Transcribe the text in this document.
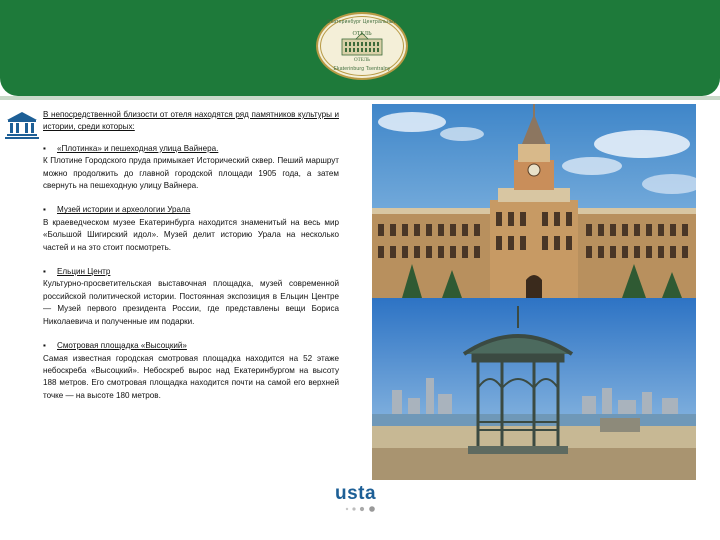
Екатеринбург Центральный
ОТЕЛЬ
ОТЕЛЬ
Ekaterinburg Tsentralny

В непосредственной близости от отеля находятся ряд памятников культуры и истории, среди которых:

▪ «Плотинка» и пешеходная улица Вайнера.

К Плотине Городского пруда примыкает Исторический сквер. Пеший маршрут можно продолжить до главной городской площади 1905 года, а затем свернуть на пешеходную улицу Вайнера.

▪ Музей истории и археологии Урала

В краеведческом музее Екатеринбурга находится знаменитый на весь мир «Большой Шигирский идол». Музей делит историю Урала на несколько частей и на это стоит посмотреть.

▪ Ельцин Центр

Культурно-просветительская выставочная площадка, музей современной российской политической истории. Постоянная экспозиция в Ельцин Центре — Музей первого президента России, где представлены вещи Бориса Николаевича и полученные им подарки.

▪ Смотровая площадка «Высоцкий»

Самая известная городская смотровая площадка находится на 52 этаже небоскреба «Высоцкий». Небоскреб вырос над Екатеринбургом на высоту 188 метров. Его смотровая площадка находится почти на самой его верхней точке — на высоте 180 метров.

usta
